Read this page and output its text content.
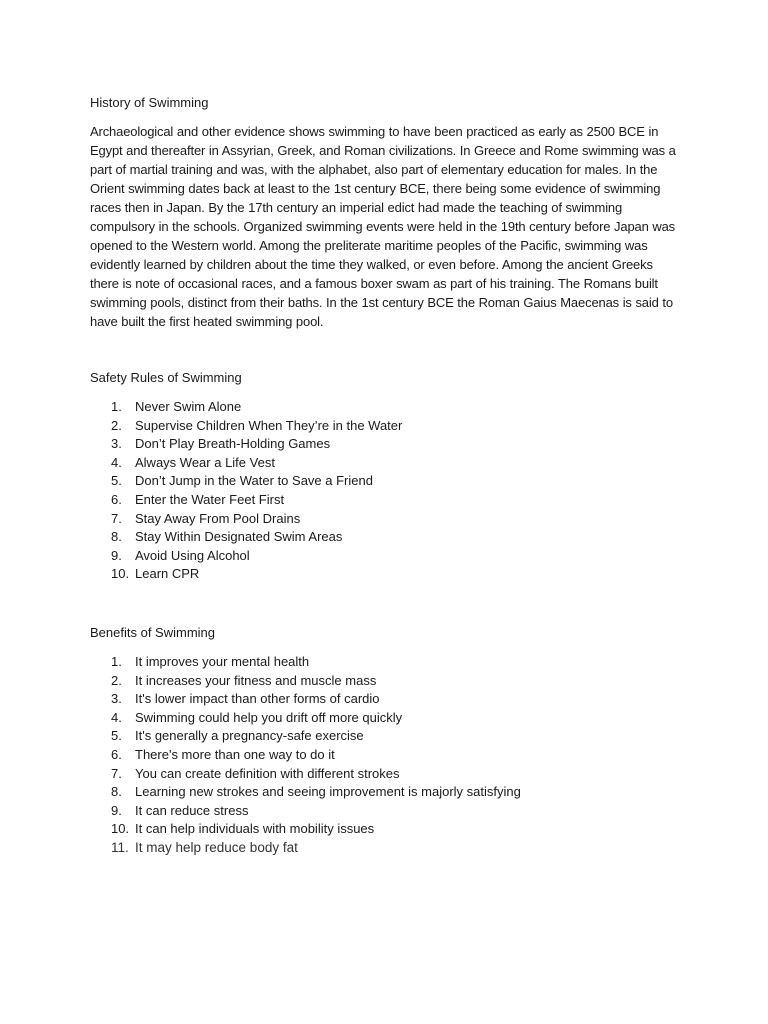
History of Swimming

Archaeological and other evidence shows swimming to have been practiced as early as 2500 BCE in Egypt and thereafter in Assyrian, Greek, and Roman civilizations. In Greece and Rome swimming was a part of martial training and was, with the alphabet, also part of elementary education for males. In the Orient swimming dates back at least to the 1st century BCE, there being some evidence of swimming races then in Japan. By the 17th century an imperial edict had made the teaching of swimming compulsory in the schools. Organized swimming events were held in the 19th century before Japan was opened to the Western world. Among the preliterate maritime peoples of the Pacific, swimming was evidently learned by children about the time they walked, or even before. Among the ancient Greeks there is note of occasional races, and a famous boxer swam as part of his training. The Romans built swimming pools, distinct from their baths. In the 1st century BCE the Roman Gaius Maecenas is said to have built the first heated swimming pool.

Safety Rules of Swimming
1.	Never Swim Alone
2.	Supervise Children When They’re in the Water
3.	Don’t Play Breath-Holding Games
4.	Always Wear a Life Vest
5.	Don’t Jump in the Water to Save a Friend
6.	Enter the Water Feet First
7.	Stay Away From Pool Drains
8.	Stay Within Designated Swim Areas
9.	Avoid Using Alcohol
10. Learn CPR
Benefits of Swimming
1.	It improves your mental health
2.	It increases your fitness and muscle mass
3.	It's lower impact than other forms of cardio
4.	Swimming could help you drift off more quickly
5.	It's generally a pregnancy-safe exercise
6.	There's more than one way to do it
7.	You can create definition with different strokes
8.	Learning new strokes and seeing improvement is majorly satisfying
9.	It can reduce stress
10. It can help individuals with mobility issues
11. It may help reduce body fat
